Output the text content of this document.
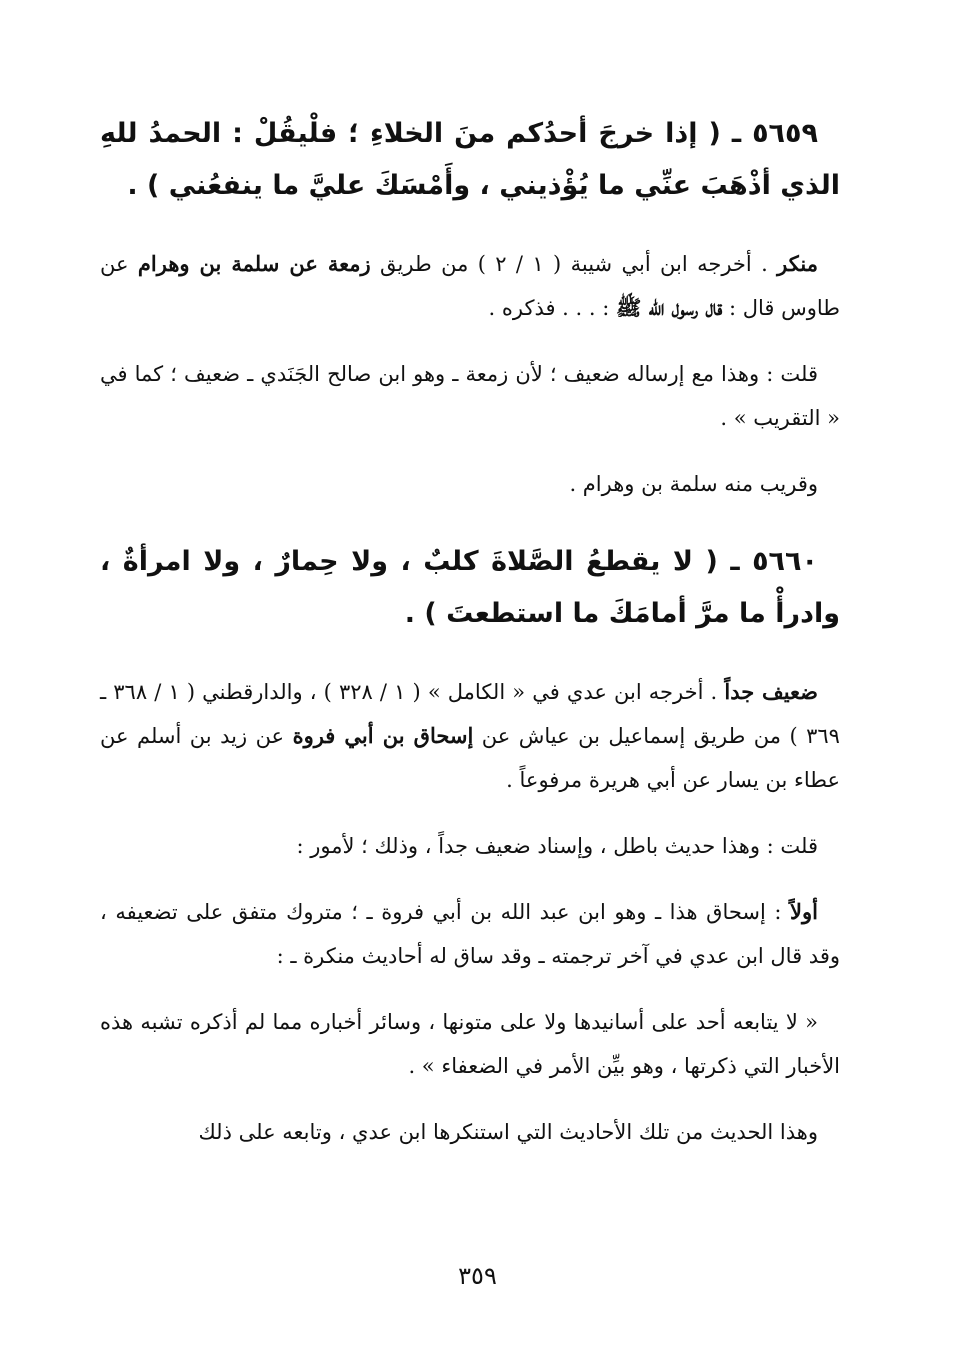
٥٦٥٩ ـ ( إذا خرجَ أحدُكم منَ الخلاءِ ؛ فلْيقُلْ : الحمدُ للهِ الذي أذْهَبَ عنِّي ما يُؤْذيني ، وأَمْسَكَ عليَّ ما ينفعُني ) .

منكر . أخرجه ابن أبي شيبة ( ١ / ٢ ) من طريق زمعة عن سلمة بن وهرام عن طاوس قال : قال رسول الله ﷺ : . . . فذكره .

قلت : وهذا مع إرساله ضعيف ؛ لأن زمعة ـ وهو ابن صالح الجَنَدي ـ ضعيف ؛ كما في « التقريب » .

وقريب منه سلمة بن وهرام .

٥٦٦٠ ـ ( لا يقطعُ الصَّلاةَ كلبٌ ، ولا حِمارٌ ، ولا امرأةٌ ، وادرأْ ما مرَّ أمامَكَ ما استطعتَ ) .

ضعيف جداً . أخرجه ابن عدي في « الكامل » ( ١ / ٣٢٨ ) ، والدارقطني ( ١ / ٣٦٨ ـ ٣٦٩ ) من طريق إسماعيل بن عياش عن إسحاق بن أبي فروة عن زيد بن أسلم عن عطاء بن يسار عن أبي هريرة مرفوعاً .

قلت : وهذا حديث باطل ، وإسناد ضعيف جداً ، وذلك ؛ لأمور :

أولاً : إسحاق هذا ـ وهو ابن عبد الله بن أبي فروة ـ ؛ متروك متفق على تضعيفه ، وقد قال ابن عدي في آخر ترجمته ـ وقد ساق له أحاديث منكرة ـ :

« لا يتابعه أحد على أسانيدها ولا على متونها ، وسائر أخباره مما لم أذكره تشبه هذه الأخبار التي ذكرتها ، وهو بيِّن الأمر في الضعفاء » .

وهذا الحديث من تلك الأحاديث التي استنكرها ابن عدي ، وتابعه على ذلك

٣٥٩
